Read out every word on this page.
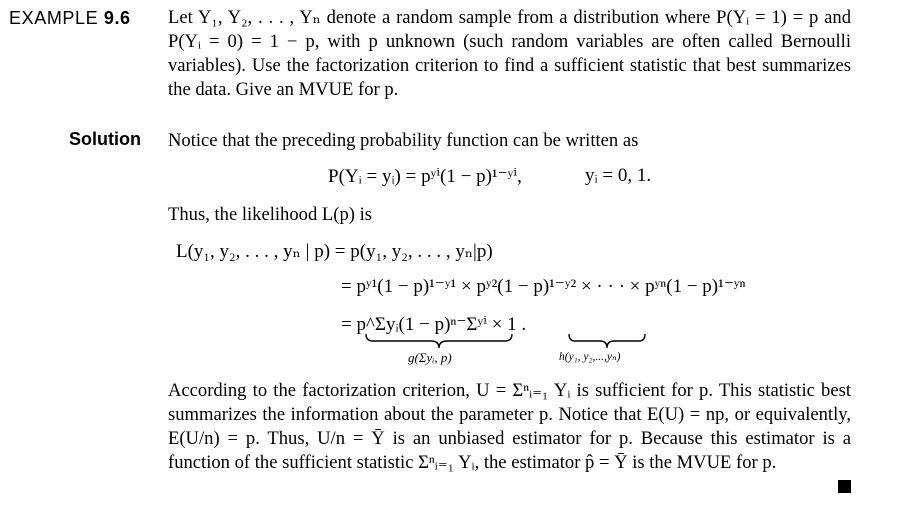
EXAMPLE 9.6 Let Y₁, Y₂, . . . , Yₙ denote a random sample from a distribution where P(Yᵢ = 1) = p and P(Yᵢ = 0) = 1 − p, with p unknown (such random variables are often called Bernoulli variables). Use the factorization criterion to find a sufficient statistic that best summarizes the data. Give an MVUE for p.
Solution Notice that the preceding probability function can be written as
P(Yᵢ = yᵢ) = pʸⁱ(1 − p)¹⁻ʸⁱ,	yᵢ = 0, 1.
Thus, the likelihood L(p) is
L(y₁, y₂, . . . , yₙ | p) = p(y₁, y₂, . . . , yₙ|p)
= pʸ¹(1 − p)¹⁻ʸ¹ × pʸ²(1 − p)¹⁻ʸ² × · · · × pʸⁿ(1 − p)¹⁻ʸⁿ
= p^Σyᵢ(1 − p)ⁿ⁻Σʸⁱ × 1 .
g(Σyᵢ, p)	h(y₁, y₂,...,yₙ)
According to the factorization criterion, U = Σⁿᵢ₌₁ Yᵢ is sufficient for p. This statistic best summarizes the information about the parameter p. Notice that E(U) = np, or equivalently, E(U/n) = p. Thus, U/n = Ȳ is an unbiased estimator for p. Because this estimator is a function of the sufficient statistic Σⁿᵢ₌₁ Yᵢ, the estimator p̂ = Ȳ is the MVUE for p.
